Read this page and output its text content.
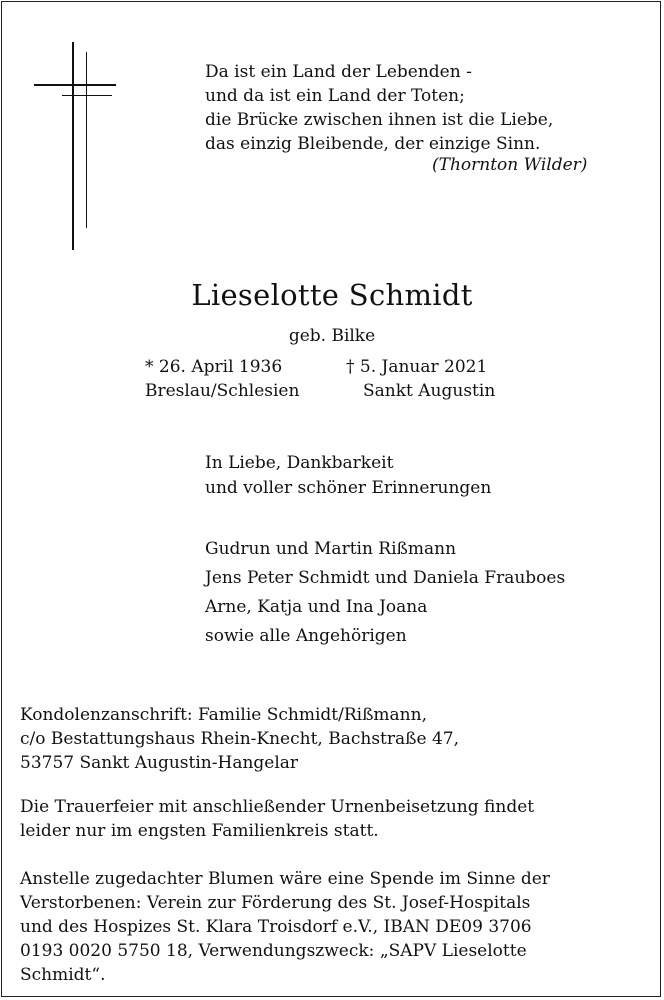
Da ist ein Land der Lebenden -
und da ist ein Land der Toten;
die Brücke zwischen ihnen ist die Liebe,
das einzig Bleibende, der einzige Sinn.
(Thornton Wilder)
Lieselotte Schmidt
geb. Bilke
* 26. April 1936
Breslau/Schlesien
† 5. Januar 2021
Sankt Augustin
In Liebe, Dankbarkeit
und voller schöner Erinnerungen
Gudrun und Martin Rißmann
Jens Peter Schmidt und Daniela Frauboes
Arne, Katja und Ina Joana
sowie alle Angehörigen
Kondolenzanschrift: Familie Schmidt/Rißmann,
c/o Bestattungshaus Rhein-Knecht, Bachstraße 47,
53757 Sankt Augustin-Hangelar
Die Trauerfeier mit anschließender Urnenbeisetzung findet
leider nur im engsten Familienkreis statt.
Anstelle zugedachter Blumen wäre eine Spende im Sinne der
Verstorbenen: Verein zur Förderung des St. Josef-Hospitals
und des Hospizes St. Klara Troisdorf e.V., IBAN DE09 3706
0193 0020 5750 18, Verwendungszweck: „SAPV Lieselotte
Schmidt“.
